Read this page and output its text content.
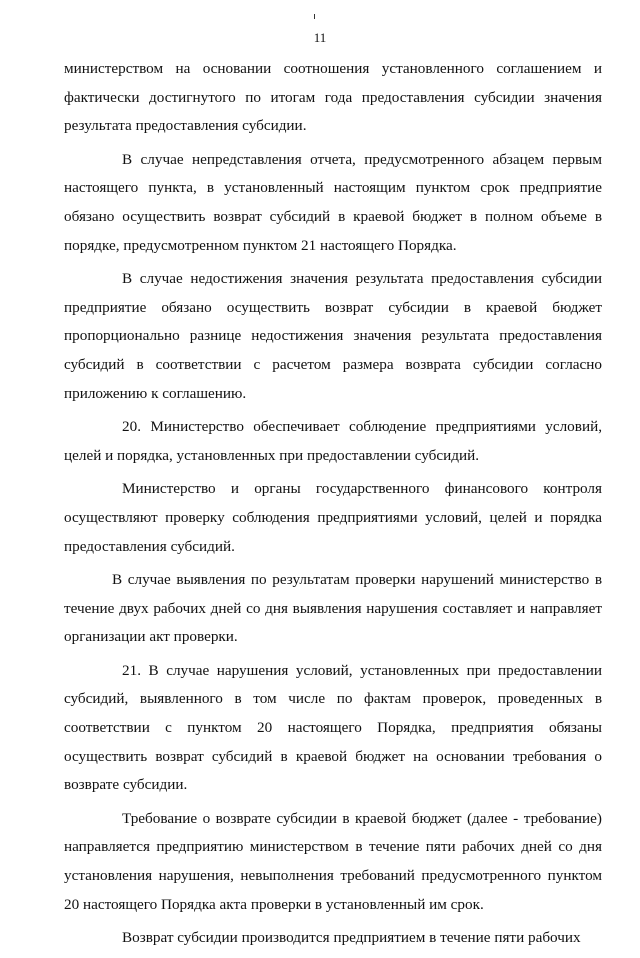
11

министерством на основании соотношения установленного соглашением и фактически достигнутого по итогам года предоставления субсидии значения результата предоставления субсидии.

В случае непредставления отчета, предусмотренного абзацем первым настоящего пункта, в установленный настоящим пунктом срок предприятие обязано осуществить возврат субсидий в краевой бюджет в полном объеме в порядке, предусмотренном пунктом 21 настоящего Порядка.

В случае недостижения значения результата предоставления субсидии предприятие обязано осуществить возврат субсидии в краевой бюджет пропорционально разнице недостижения значения результата предоставления субсидий в соответствии с расчетом размера возврата субсидии согласно приложению к соглашению.

20. Министерство обеспечивает соблюдение предприятиями условий, целей и порядка, установленных при предоставлении субсидий.

Министерство и органы государственного финансового контроля осуществляют проверку соблюдения предприятиями условий, целей и порядка предоставления субсидий.

В случае выявления по результатам проверки нарушений министерство в течение двух рабочих дней со дня выявления нарушения составляет и направляет организации акт проверки.

21. В случае нарушения условий, установленных при предоставлении субсидий, выявленного в том числе по фактам проверок, проведенных в соответствии с пунктом 20 настоящего Порядка, предприятия обязаны осуществить возврат субсидий в краевой бюджет на основании требования о возврате субсидии.

Требование о возврате субсидии в краевой бюджет (далее - требование) направляется предприятию министерством в течение пяти рабочих дней со дня установления нарушения, невыполнения требований предусмотренного пунктом 20 настоящего Порядка акта проверки в установленный им срок.

Возврат субсидии производится предприятием в течение пяти рабочих
